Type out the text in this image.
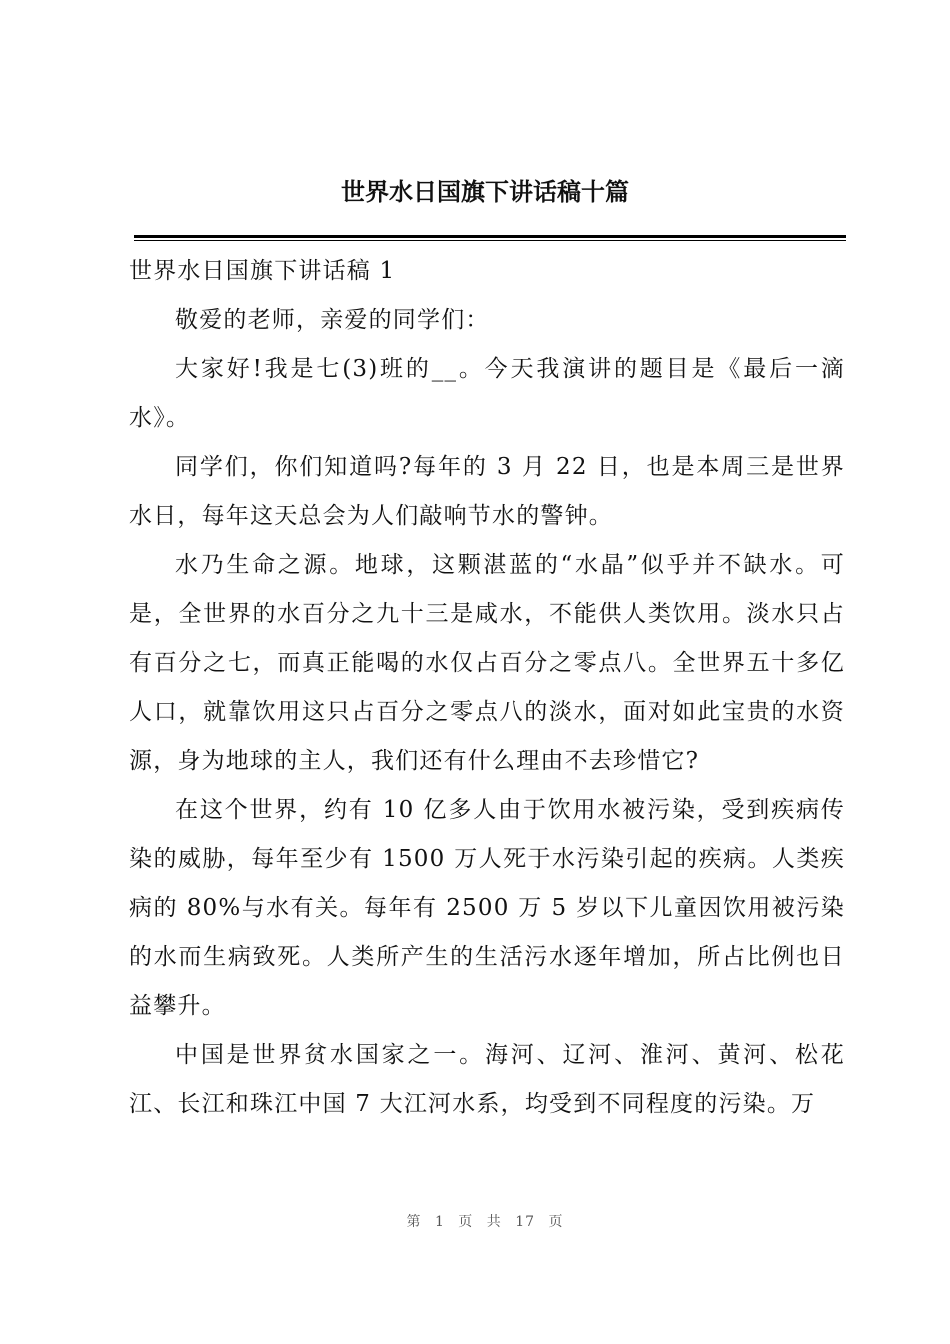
世界水日国旗下讲话稿十篇

世界水日国旗下讲话稿 1

敬爱的老师，亲爱的同学们：

大家好!我是七(3)班的__。今天我演讲的题目是《最后一滴水》。

同学们，你们知道吗?每年的 3 月 22 日，也是本周三是世界水日，每年这天总会为人们敲响节水的警钟。

水乃生命之源。地球，这颗湛蓝的“水晶”似乎并不缺水。可是，全世界的水百分之九十三是咸水，不能供人类饮用。淡水只占有百分之七，而真正能喝的水仅占百分之零点八。全世界五十多亿人口，就靠饮用这只占百分之零点八的淡水，面对如此宝贵的水资源，身为地球的主人，我们还有什么理由不去珍惜它?

在这个世界，约有 10 亿多人由于饮用水被污染，受到疾病传染的威胁，每年至少有 1500 万人死于水污染引起的疾病。人类疾病的 80%与水有关。每年有 2500 万 5 岁以下儿童因饮用被污染的水而生病致死。人类所产生的生活污水逐年增加，所占比例也日益攀升。

中国是世界贫水国家之一。海河、辽河、淮河、黄河、松花江、长江和珠江中国 7 大江河水系，均受到不同程度的污染。万

第 1 页 共 17 页
